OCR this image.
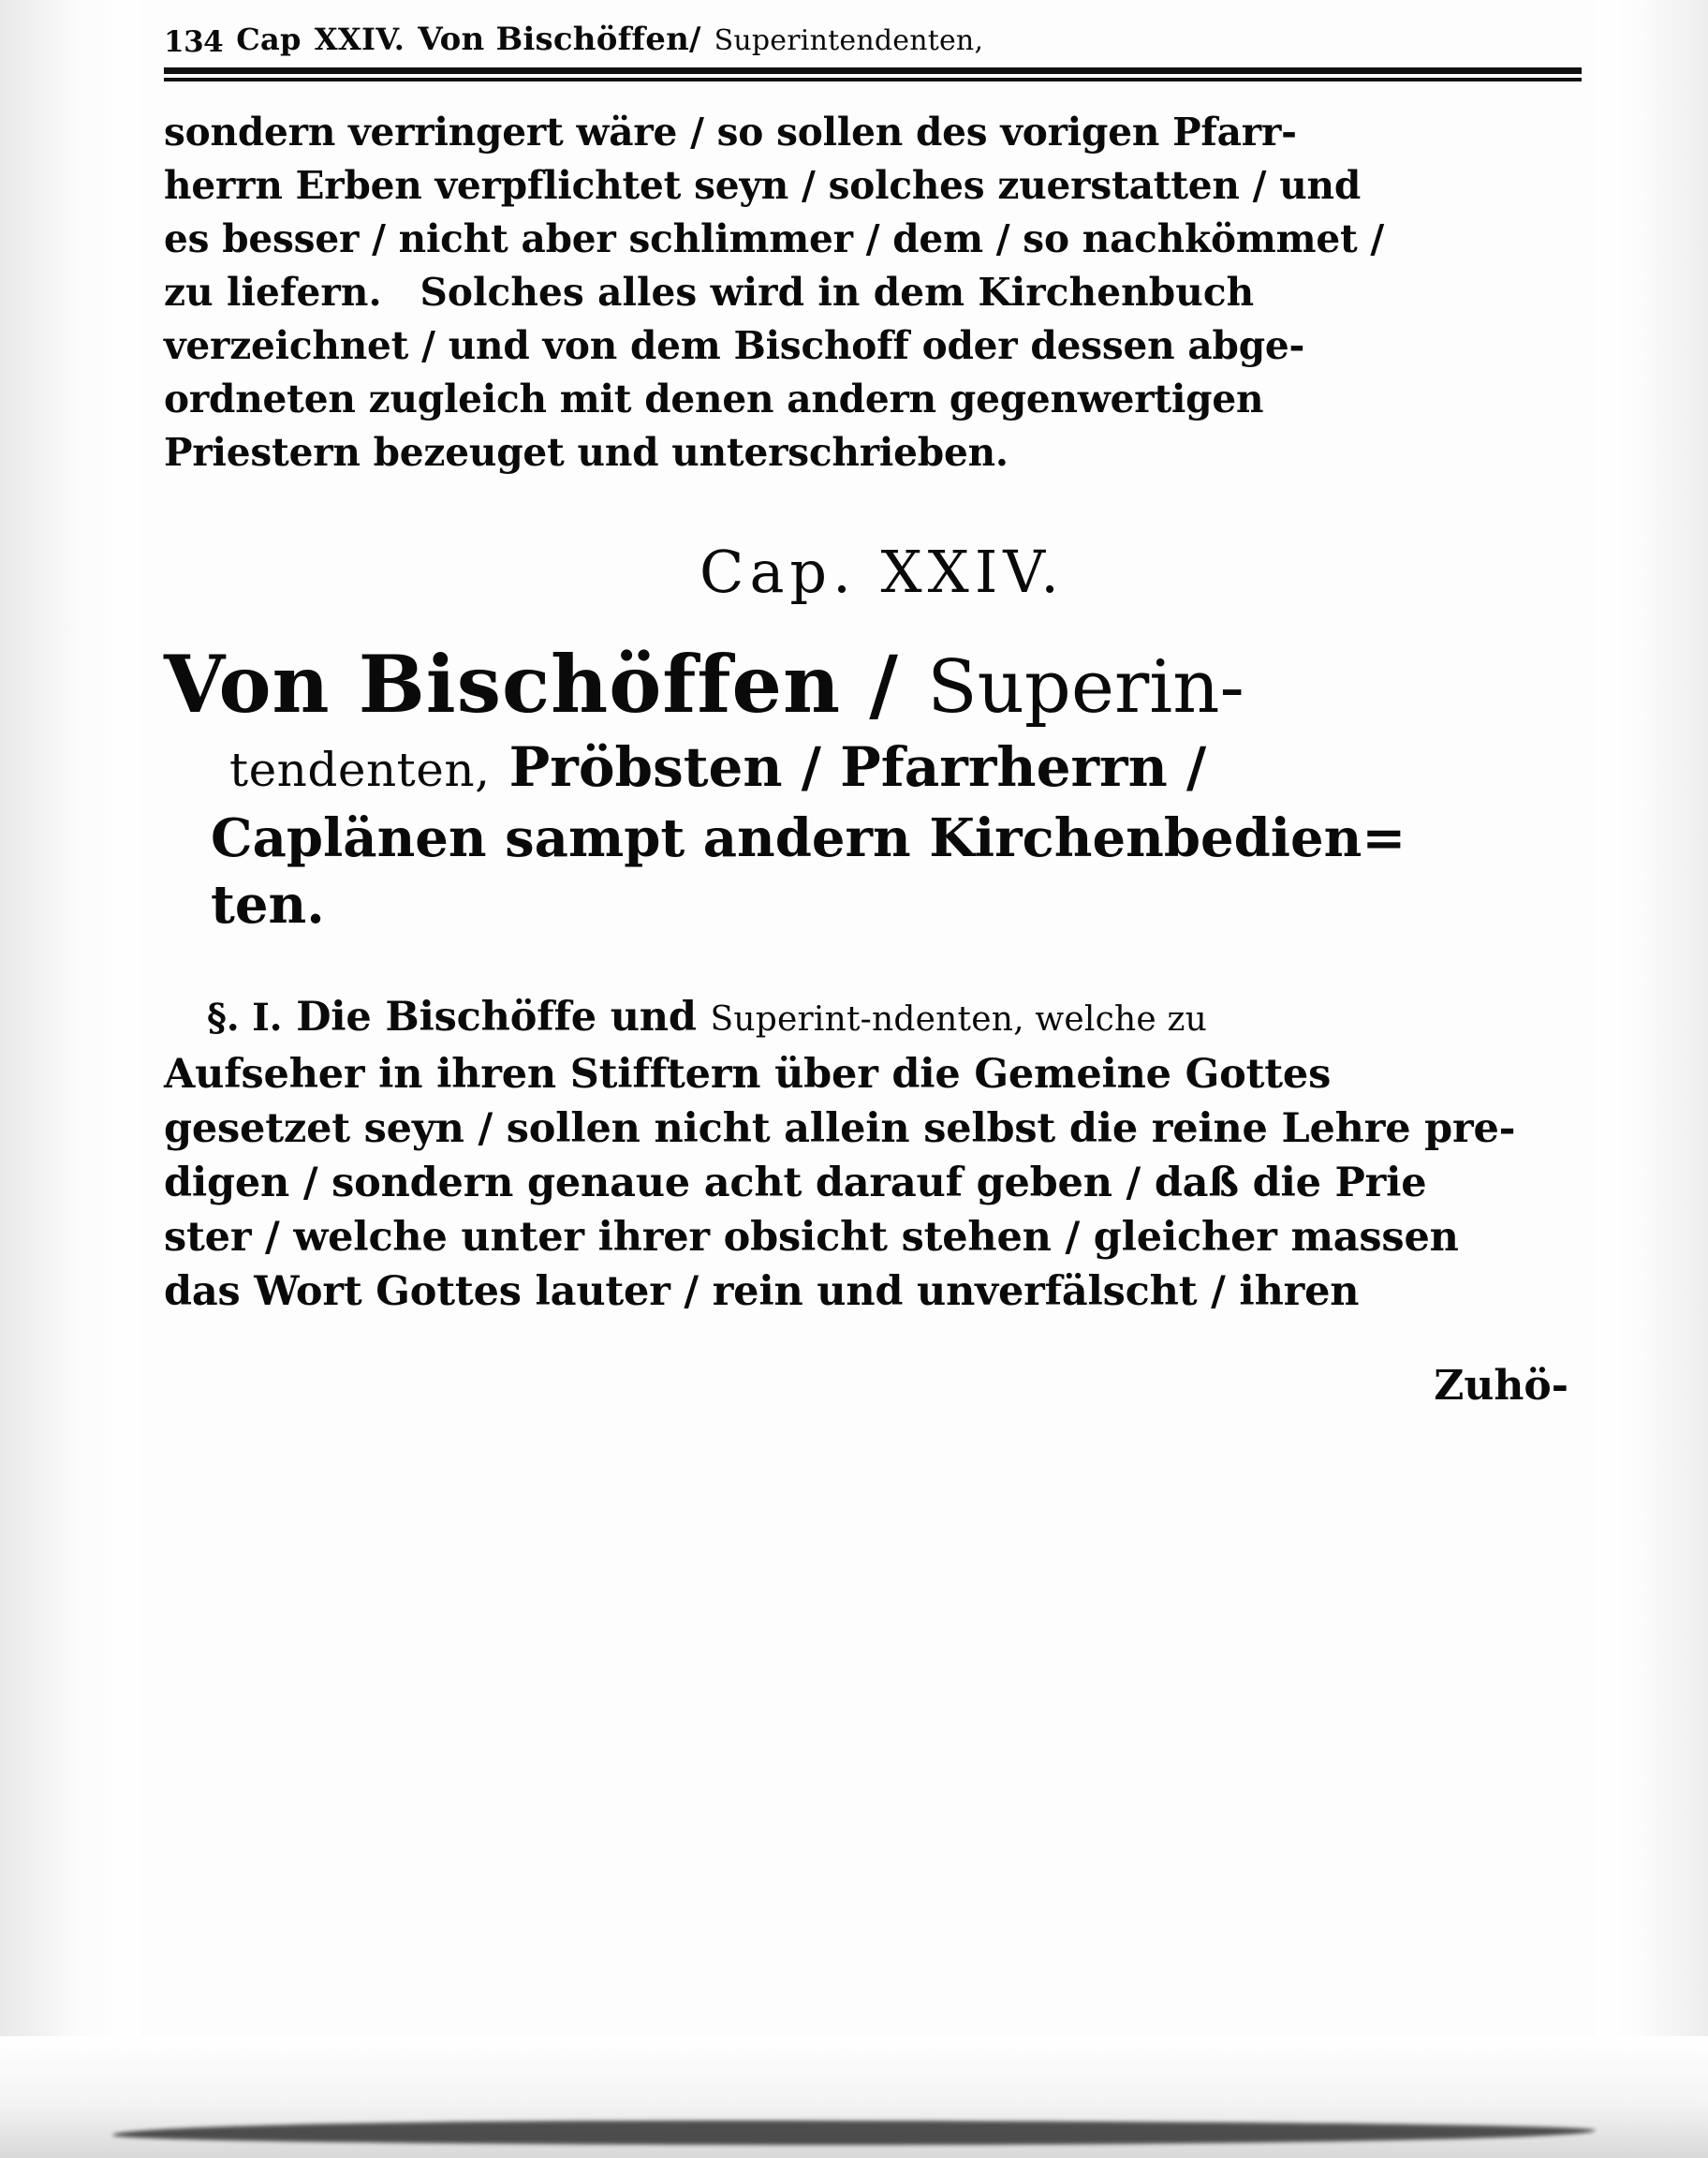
134 Cap XXIV. Von Bischöffen/ Superintendenten,
sondern verringert wäre / so sollen des vorigen Pfarr‐
herrn Erben verpflichtet seyn / solches zuerstatten / und
es besser / nicht aber schlimmer / dem / so nachkömmet /
zu liefern. Solches alles wird in dem Kirchenbuch
verzeichnet / und von dem Bischoff oder dessen abge‐
ordneten zugleich mit denen andern gegenwertigen
Priestern bezeuget und unterschrieben.
Cap. XXIV.
Von Bischöffen / Superin-
tendenten, Pröbsten / Pfarrherrn /
Caplänen sampt andern Kirchenbedien=
ten.
§. I. Die Bischöffe und Superint‐ndenten, welche zu
Aufseher in ihren Stifftern über die Gemeine Gottes
gesetzet seyn / sollen nicht allein selbst die reine Lehre pre‐
digen / sondern genaue acht darauf geben / daß die Prie
ster / welche unter ihrer obsicht stehen / gleicher massen
das Wort Gottes lauter / rein und unverfälscht / ihren
Zuhö‐
